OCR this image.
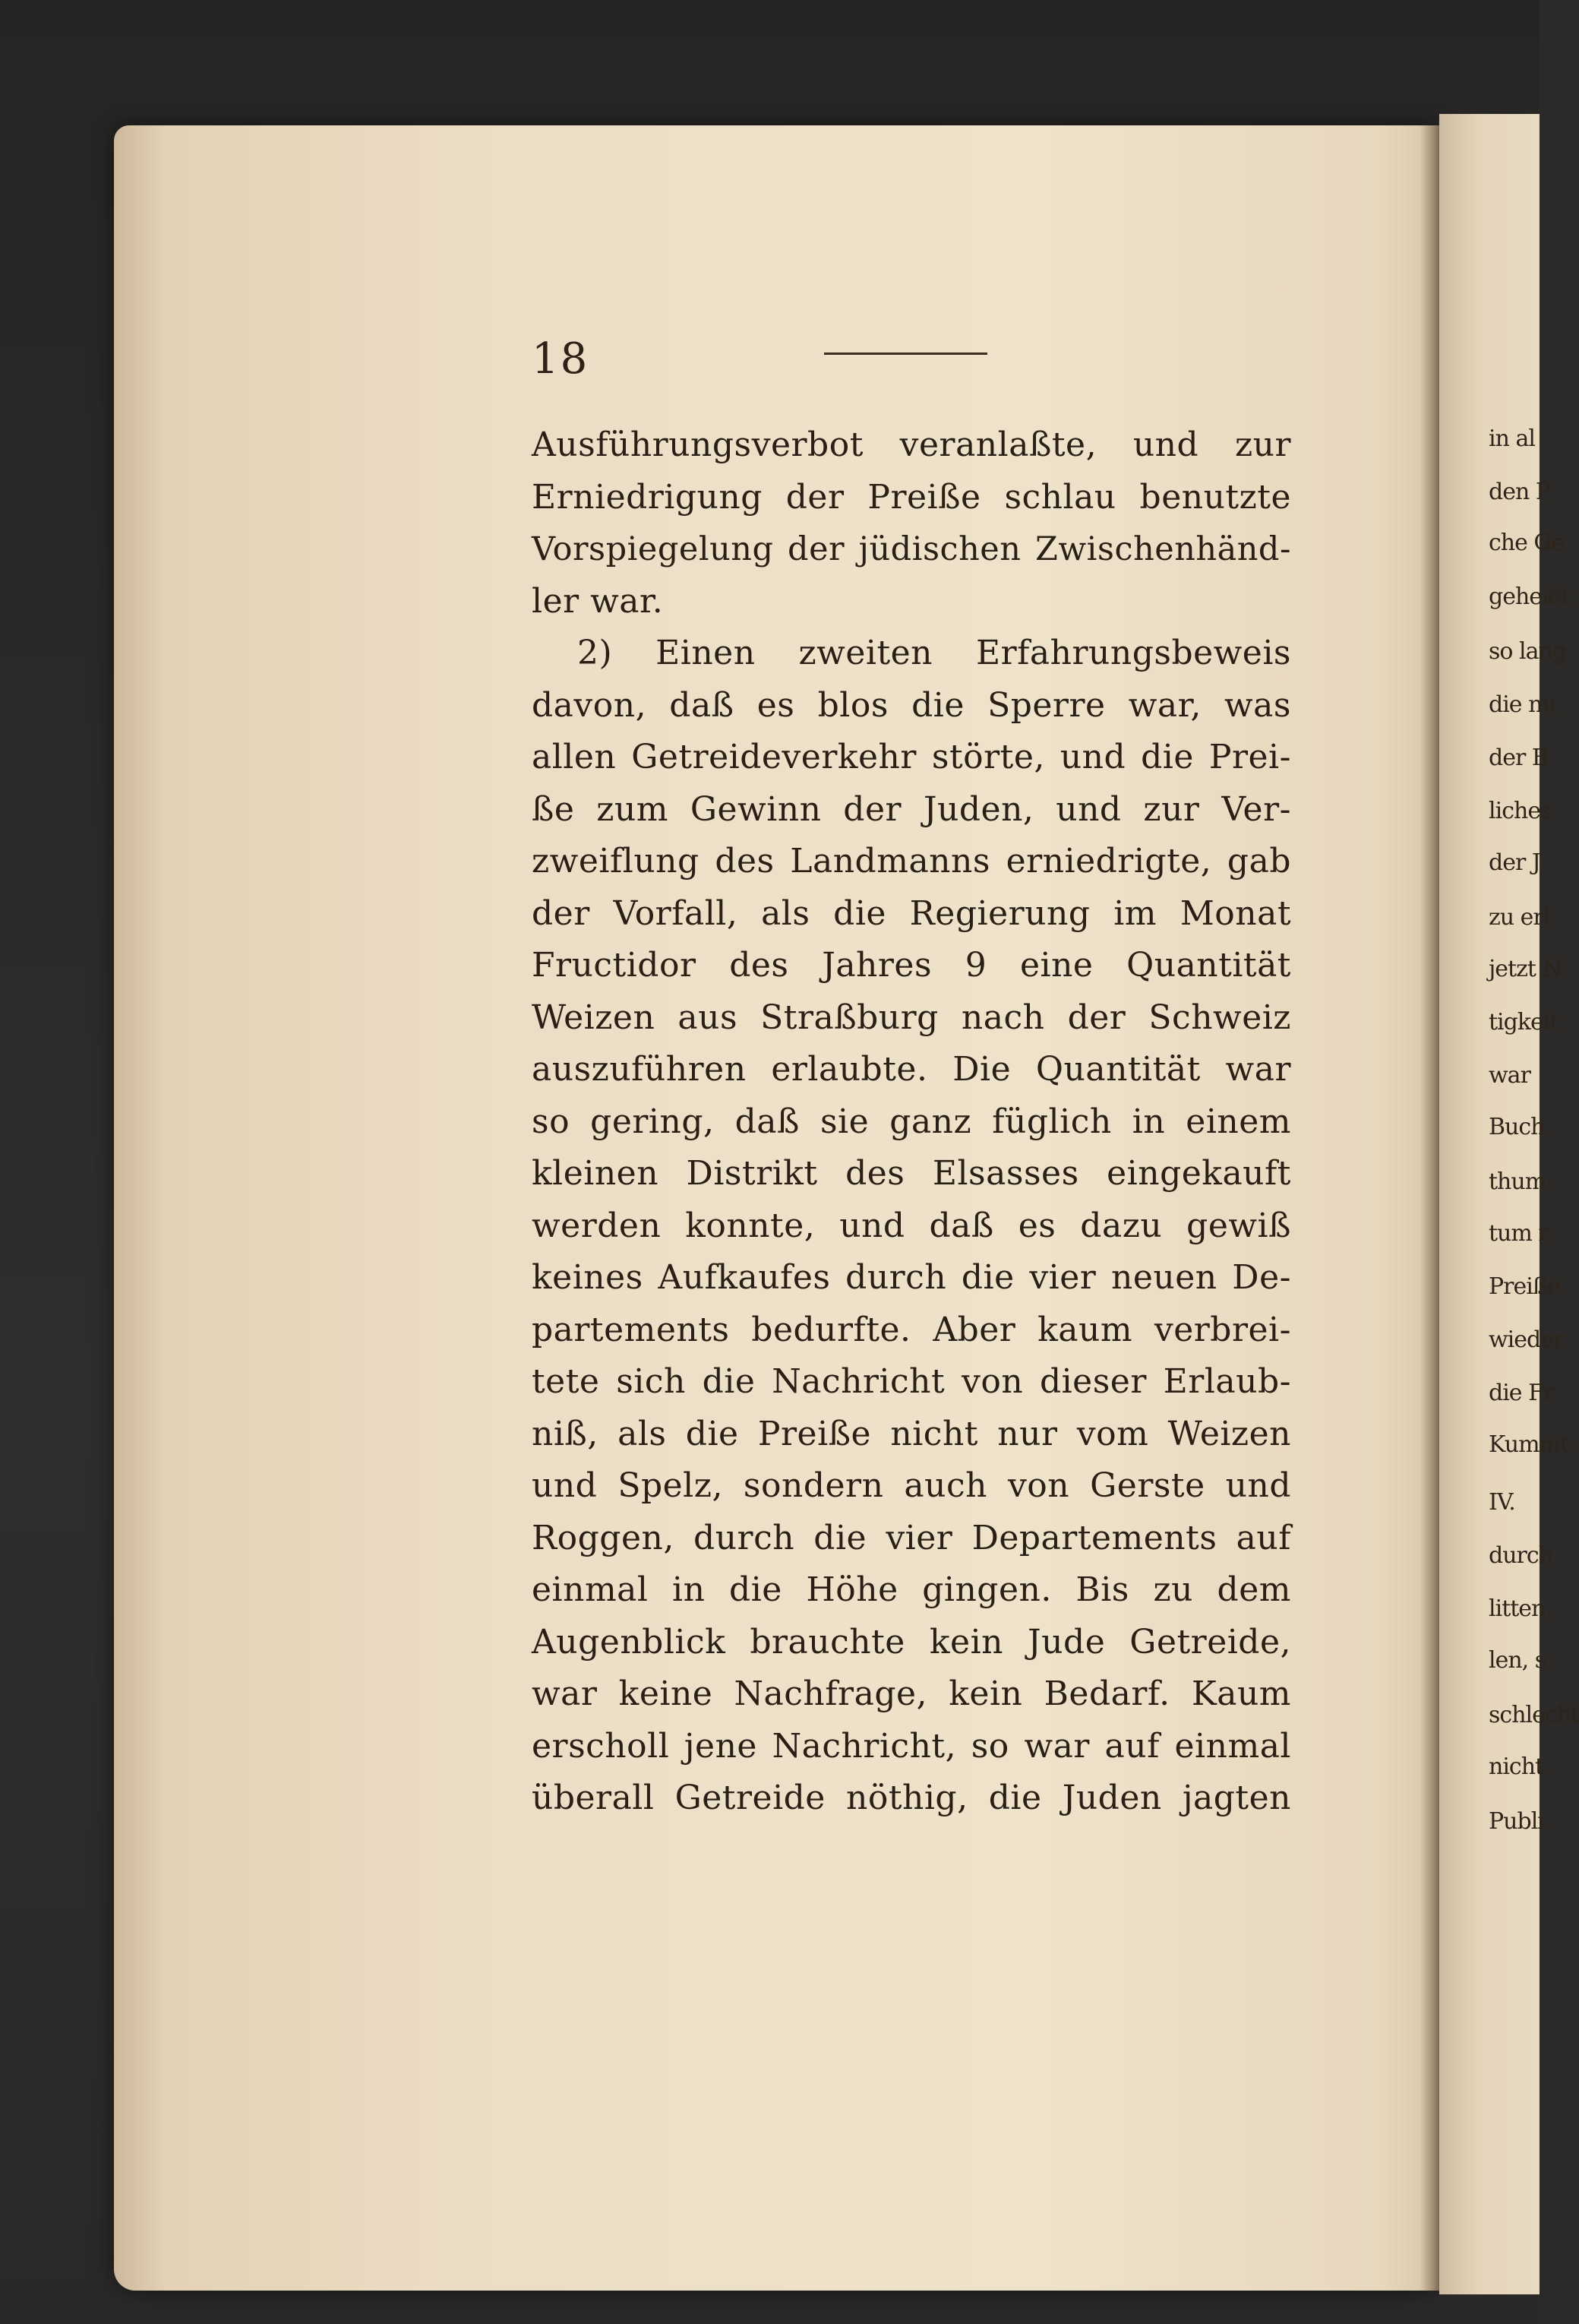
in al
den P
che Ge
geheiet
so lang
die nu
der B
liches
der J
zu erl
jetzt N
tigkeit
war
Buch
thum
tum r
Preiße
wieder
die Fr
Kummt
IV.
durch
litten,
len, s
schlecht
nicht
Publi
18
Ausführungsverbot veranlaßte, und zur
Erniedrigung der Preiße schlau benutzte
Vorspiegelung der jüdischen Zwischenhänd-
ler war.
2) Einen zweiten Erfahrungsbeweis
davon, daß es blos die Sperre war, was
allen Getreideverkehr störte, und die Prei-
ße zum Gewinn der Juden, und zur Ver-
zweiflung des Landmanns erniedrigte, gab
der Vorfall, als die Regierung im Monat
Fructidor des Jahres 9 eine Quantität
Weizen aus Straßburg nach der Schweiz
auszuführen erlaubte. Die Quantität war
so gering, daß sie ganz füglich in einem
kleinen Distrikt des Elsasses eingekauft
werden konnte, und daß es dazu gewiß
keines Aufkaufes durch die vier neuen De-
partements bedurfte. Aber kaum verbrei-
tete sich die Nachricht von dieser Erlaub-
niß, als die Preiße nicht nur vom Weizen
und Spelz, sondern auch von Gerste und
Roggen, durch die vier Departements auf
einmal in die Höhe gingen. Bis zu dem
Augenblick brauchte kein Jude Getreide,
war keine Nachfrage, kein Bedarf. Kaum
erscholl jene Nachricht, so war auf einmal
überall Getreide nöthig, die Juden jagten
